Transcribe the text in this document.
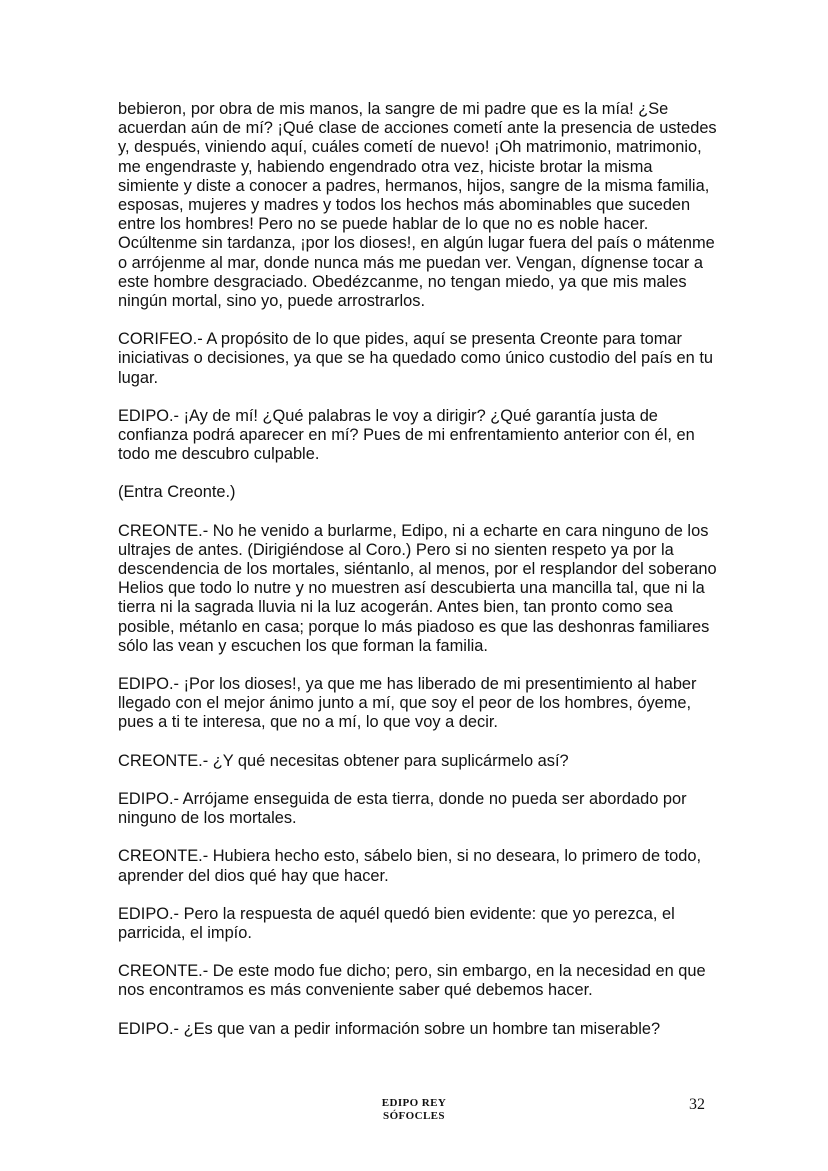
bebieron, por obra de mis manos, la sangre de mi padre que es la mía! ¿Se acuerdan aún de mí? ¡Qué clase de acciones cometí ante la presencia de ustedes y, después, viniendo aquí, cuáles cometí de nuevo! ¡Oh matrimonio, matrimonio, me engendraste y, habiendo engendrado otra vez, hiciste brotar la misma simiente y diste a conocer a padres, hermanos, hijos, sangre de la misma familia, esposas, mujeres y madres y todos los hechos más abominables que suceden entre los hombres! Pero no se puede hablar de lo que no es noble hacer. Ocúltenme sin tardanza, ¡por los dioses!, en algún lugar fuera del país o mátenme o arrójenme al mar, donde nunca más me puedan ver. Vengan, dígnense tocar a este hombre desgraciado. Obedézcanme, no tengan miedo, ya que mis males ningún mortal, sino yo, puede arrostrarlos.

CORIFEO.- A propósito de lo que pides, aquí se presenta Creonte para tomar iniciativas o decisiones, ya que se ha quedado como único custodio del país en tu lugar.

EDIPO.- ¡Ay de mí! ¿Qué palabras le voy a dirigir? ¿Qué garantía justa de confianza podrá aparecer en mí? Pues de mi enfrentamiento anterior con él, en todo me descubro culpable.

(Entra Creonte.)

CREONTE.- No he venido a burlarme, Edipo, ni a echarte en cara ninguno de los ultrajes de antes. (Dirigiéndose al Coro.) Pero si no sienten respeto ya por la descendencia de los mortales, siéntanlo, al menos, por el resplandor del soberano Helios que todo lo nutre y no muestren así descubierta una mancilla tal, que ni la tierra ni la sagrada lluvia ni la luz acogerán. Antes bien, tan pronto como sea posible, métanlo en casa; porque lo más piadoso es que las deshonras familiares sólo las vean y escuchen los que forman la familia.

EDIPO.- ¡Por los dioses!, ya que me has liberado de mi presentimiento al haber llegado con el mejor ánimo junto a mí, que soy el peor de los hombres, óyeme, pues a ti te interesa, que no a mí, lo que voy a decir.

CREONTE.- ¿Y qué necesitas obtener para suplicármelo así?

EDIPO.- Arrójame enseguida de esta tierra, donde no pueda ser abordado por ninguno de los mortales.

CREONTE.- Hubiera hecho esto, sábelo bien, si no deseara, lo primero de todo, aprender del dios qué hay que hacer.

EDIPO.- Pero la respuesta de aquél quedó bien evidente: que yo perezca, el parricida, el impío.

CREONTE.- De este modo fue dicho; pero, sin embargo, en la necesidad en que nos encontramos es más conveniente saber qué debemos hacer.

EDIPO.- ¿Es que van a pedir información sobre un hombre tan miserable?

EDIPO REY
SÓFOCLES
32
